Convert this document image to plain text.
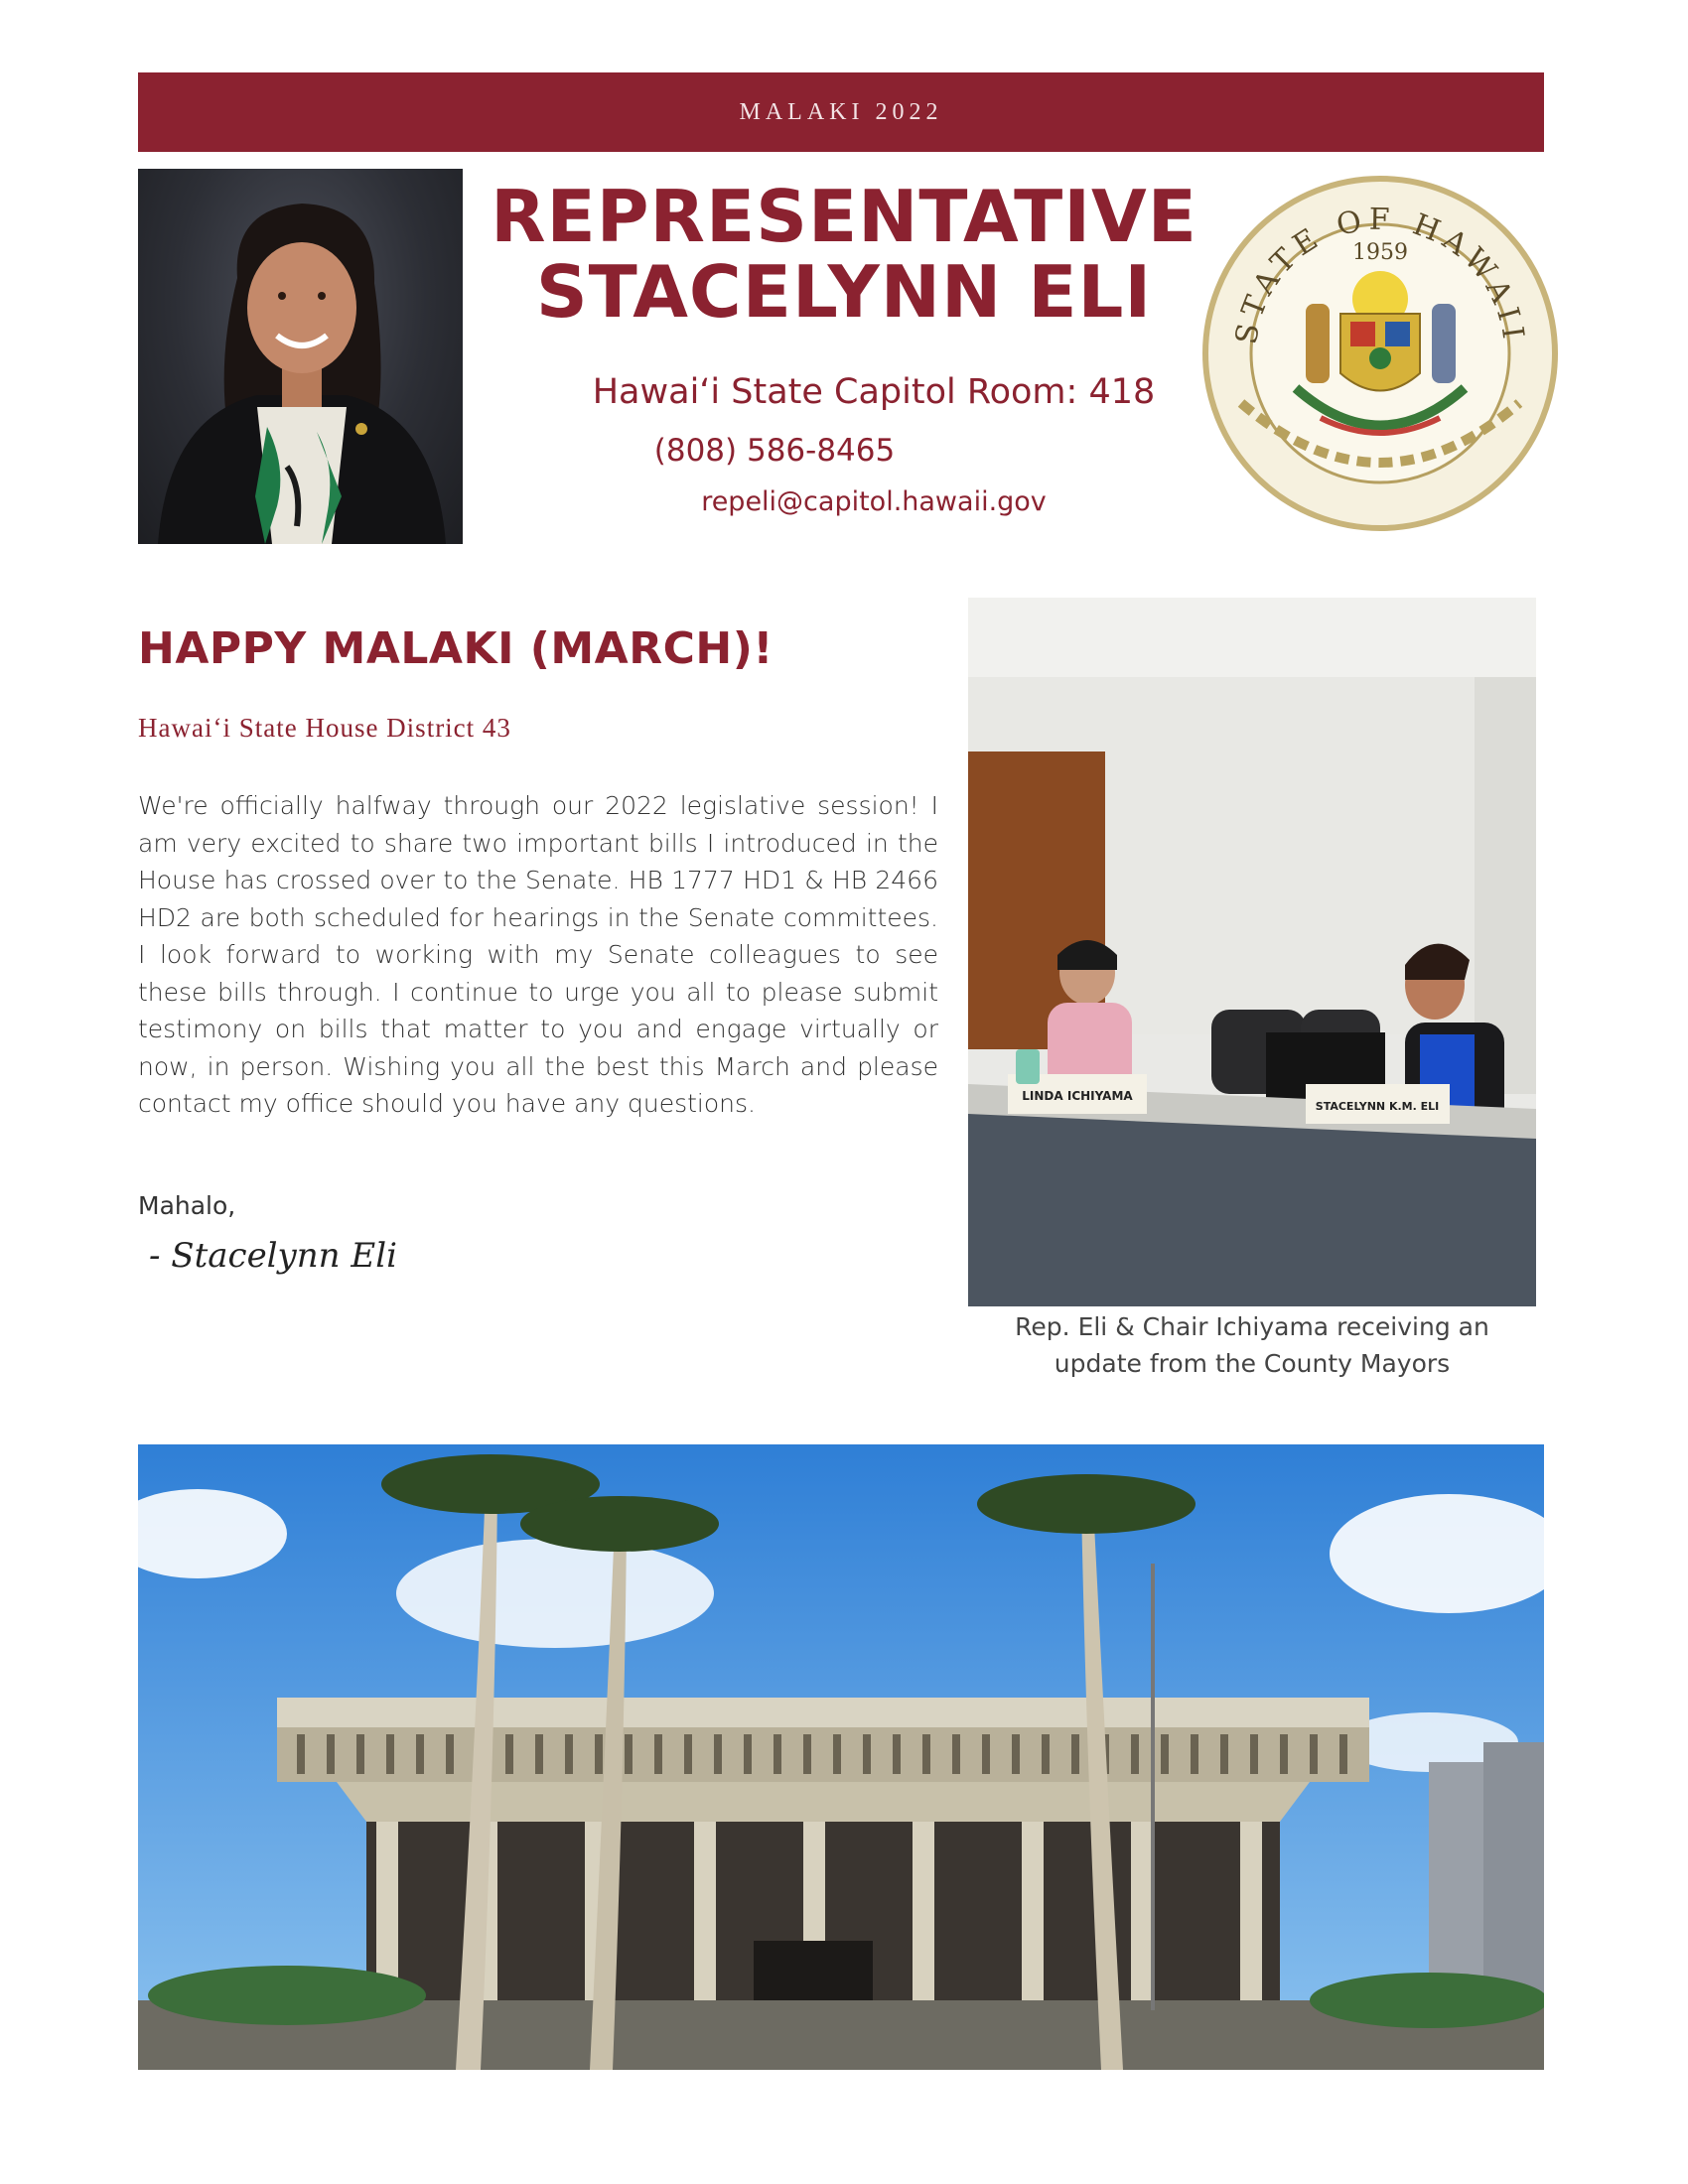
MALAKI 2022
REPRESENTATIVE
STACELYNN ELI
Hawaiʻi State Capitol Room: 418
(808) 586-8465
repeli@capitol.hawaii.gov
STATE OF HAWAII
1959
HAPPY MALAKI (MARCH)!
Hawaiʻi State House District 43
We're officially halfway through our 2022 legislative session! I am very excited to share two important bills I introduced in the House has crossed over to the Senate. HB 1777 HD1 & HB 2466 HD2 are both scheduled for hearings in the Senate committees. I look forward to working with my Senate colleagues to see these bills through. I continue to urge you all to please submit testimony on bills that matter to you and engage virtually or now, in person. Wishing you all the best this March and please contact my office should you have any questions.
Mahalo,
- Stacelynn Eli
LINDA ICHIYAMA
STACELYNN K.M. ELI
Rep. Eli & Chair Ichiyama receiving an update from the County Mayors
